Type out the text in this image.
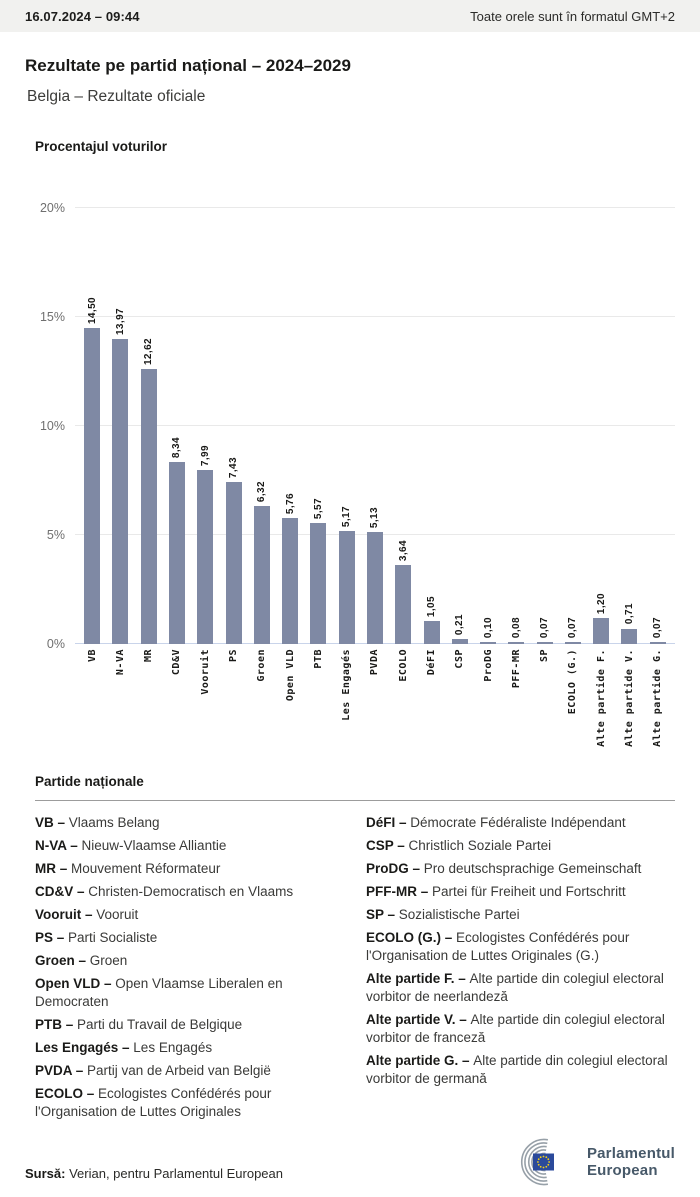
16.07.2024 – 09:44	Toate orele sunt în formatul GMT+2
Rezultate pe partid național – 2024–2029
Belgia – Rezultate oficiale
Procentajul voturilor
14,50 13,97
12,62
8,34 7,99
7,43
6,32
5,76 5,57 5,17 5,13
3,64
1,05
0,21 0,10 0,08 0,07 0,07
1,20
0,71
0,07
0%
5%
10%
15%
20%
VB N-VA MR CD&V Vooruit PS Groen Open VLD PTB Les Engagés PVDA ECOLO DéFI CSP ProDG PFF-MR SP ECOLO (G.) Alte partide F. Alte partide V. Alte partide G.
Partide naționale

VB – Vlaams Belang

N-VA – Nieuw-Vlaamse Alliantie

MR – Mouvement Réformateur

CD&V – Christen-Democratisch en Vlaams

Vooruit – Vooruit

PS – Parti Socialiste

Groen – Groen

Open VLD – Open Vlaamse Liberalen en Democraten

PTB – Parti du Travail de Belgique

Les Engagés – Les Engagés

PVDA – Partij van de Arbeid van België

ECOLO – Ecologistes Confédérés pour l'Organisation de Luttes Originales

DéFI – Démocrate Fédéraliste Indépendant

CSP – Christlich Soziale Partei

ProDG – Pro deutschsprachige Gemeinschaft

PFF-MR – Partei für Freiheit und Fortschritt

SP – Sozialistische Partei

ECOLO (G.) – Ecologistes Confédérés pour l'Organisation de Luttes Originales (G.)

Alte partide F. – Alte partide din colegiul electoral vorbitor de neerlandeză

Alte partide V. – Alte partide din colegiul electoral vorbitor de franceză

Alte partide G. – Alte partide din colegiul electoral vorbitor de germană

Sursă: Verian, pentru Parlamentul European

Parlamentul
European
